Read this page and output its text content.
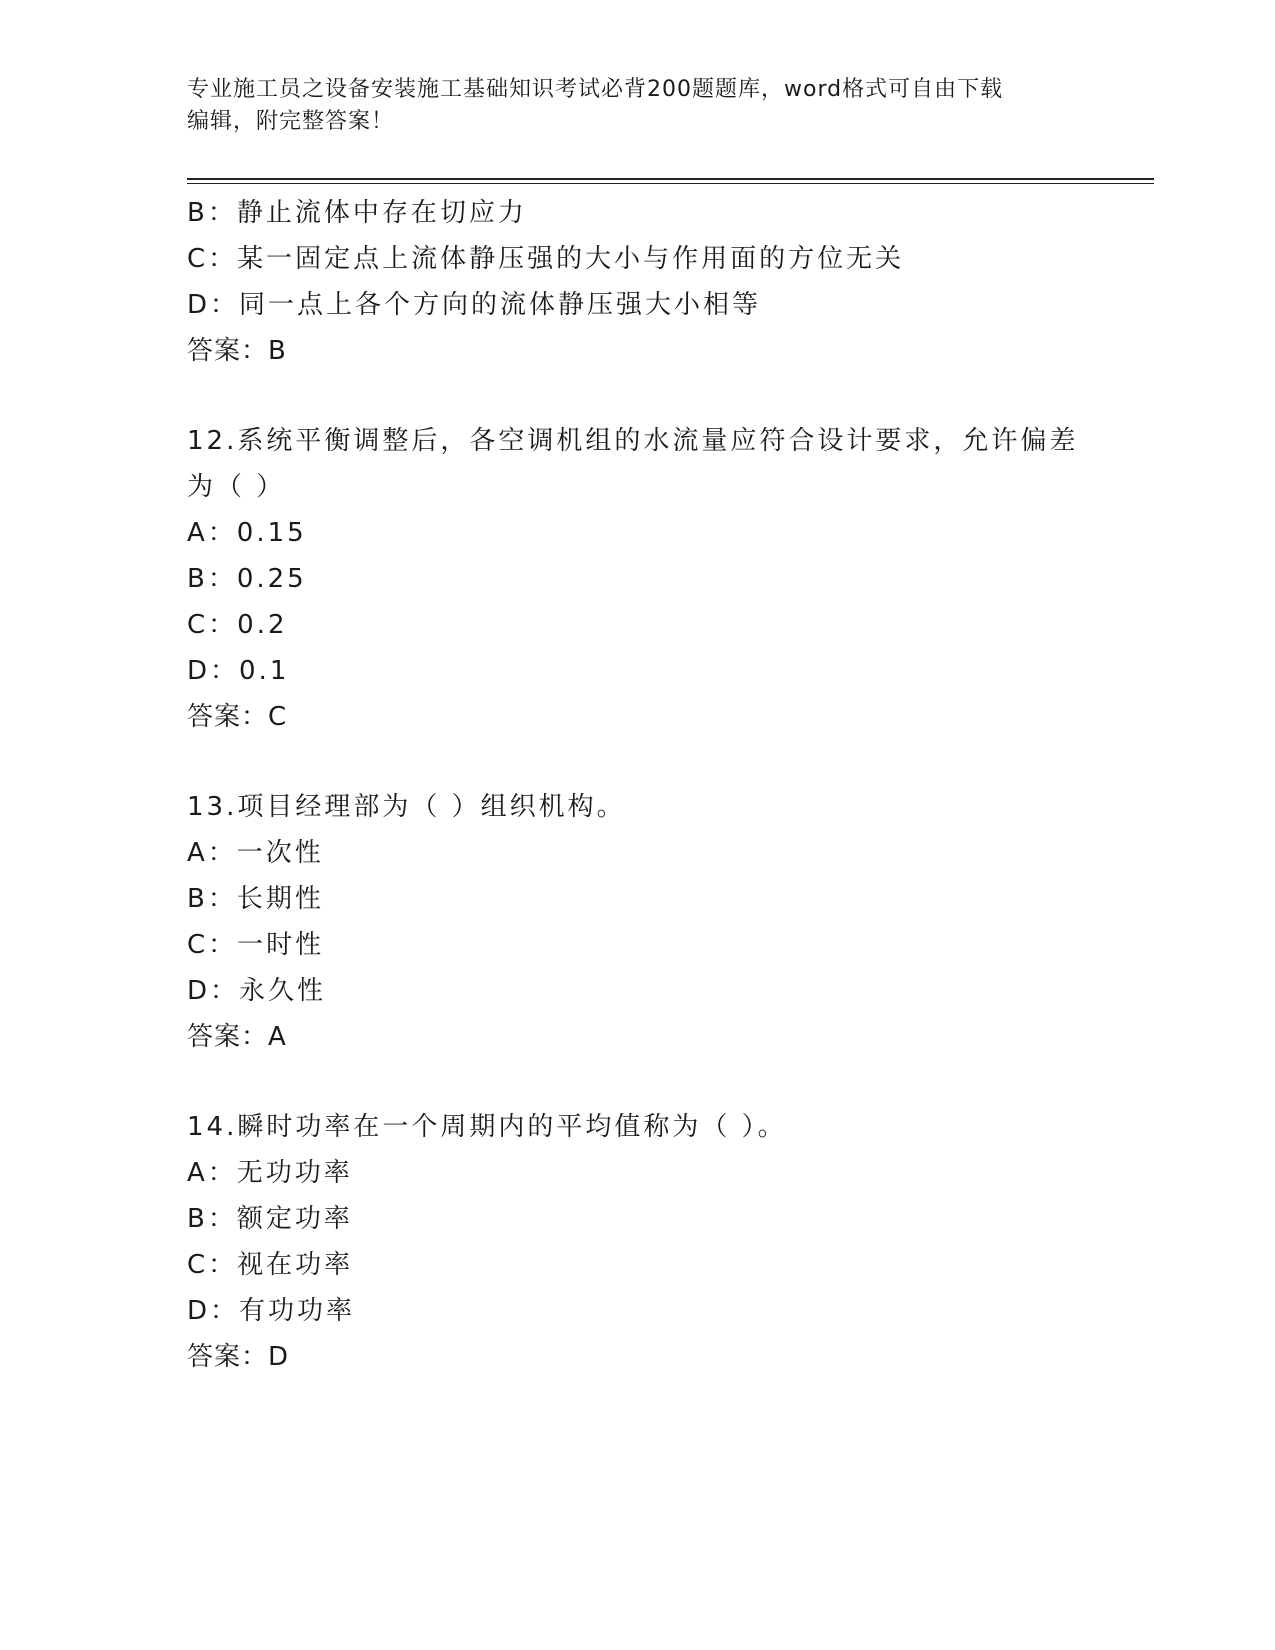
专业施工员之设备安装施工基础知识考试必背200题题库，word格式可自由下载
编辑，附完整答案！
B：静止流体中存在切应力
C：某一固定点上流体静压强的大小与作用面的方位无关
D：同一点上各个方向的流体静压强大小相等
答案：B
12.系统平衡调整后，各空调机组的水流量应符合设计要求，允许偏差
为（ ）
A：0.15
B：0.25
C：0.2
D：0.1
答案：C
13.项目经理部为（ ）组织机构。
A：一次性
B：长期性
C：一时性
D：永久性
答案：A
14.瞬时功率在一个周期内的平均值称为（ ）。
A：无功功率
B：额定功率
C：视在功率
D：有功功率
答案：D
